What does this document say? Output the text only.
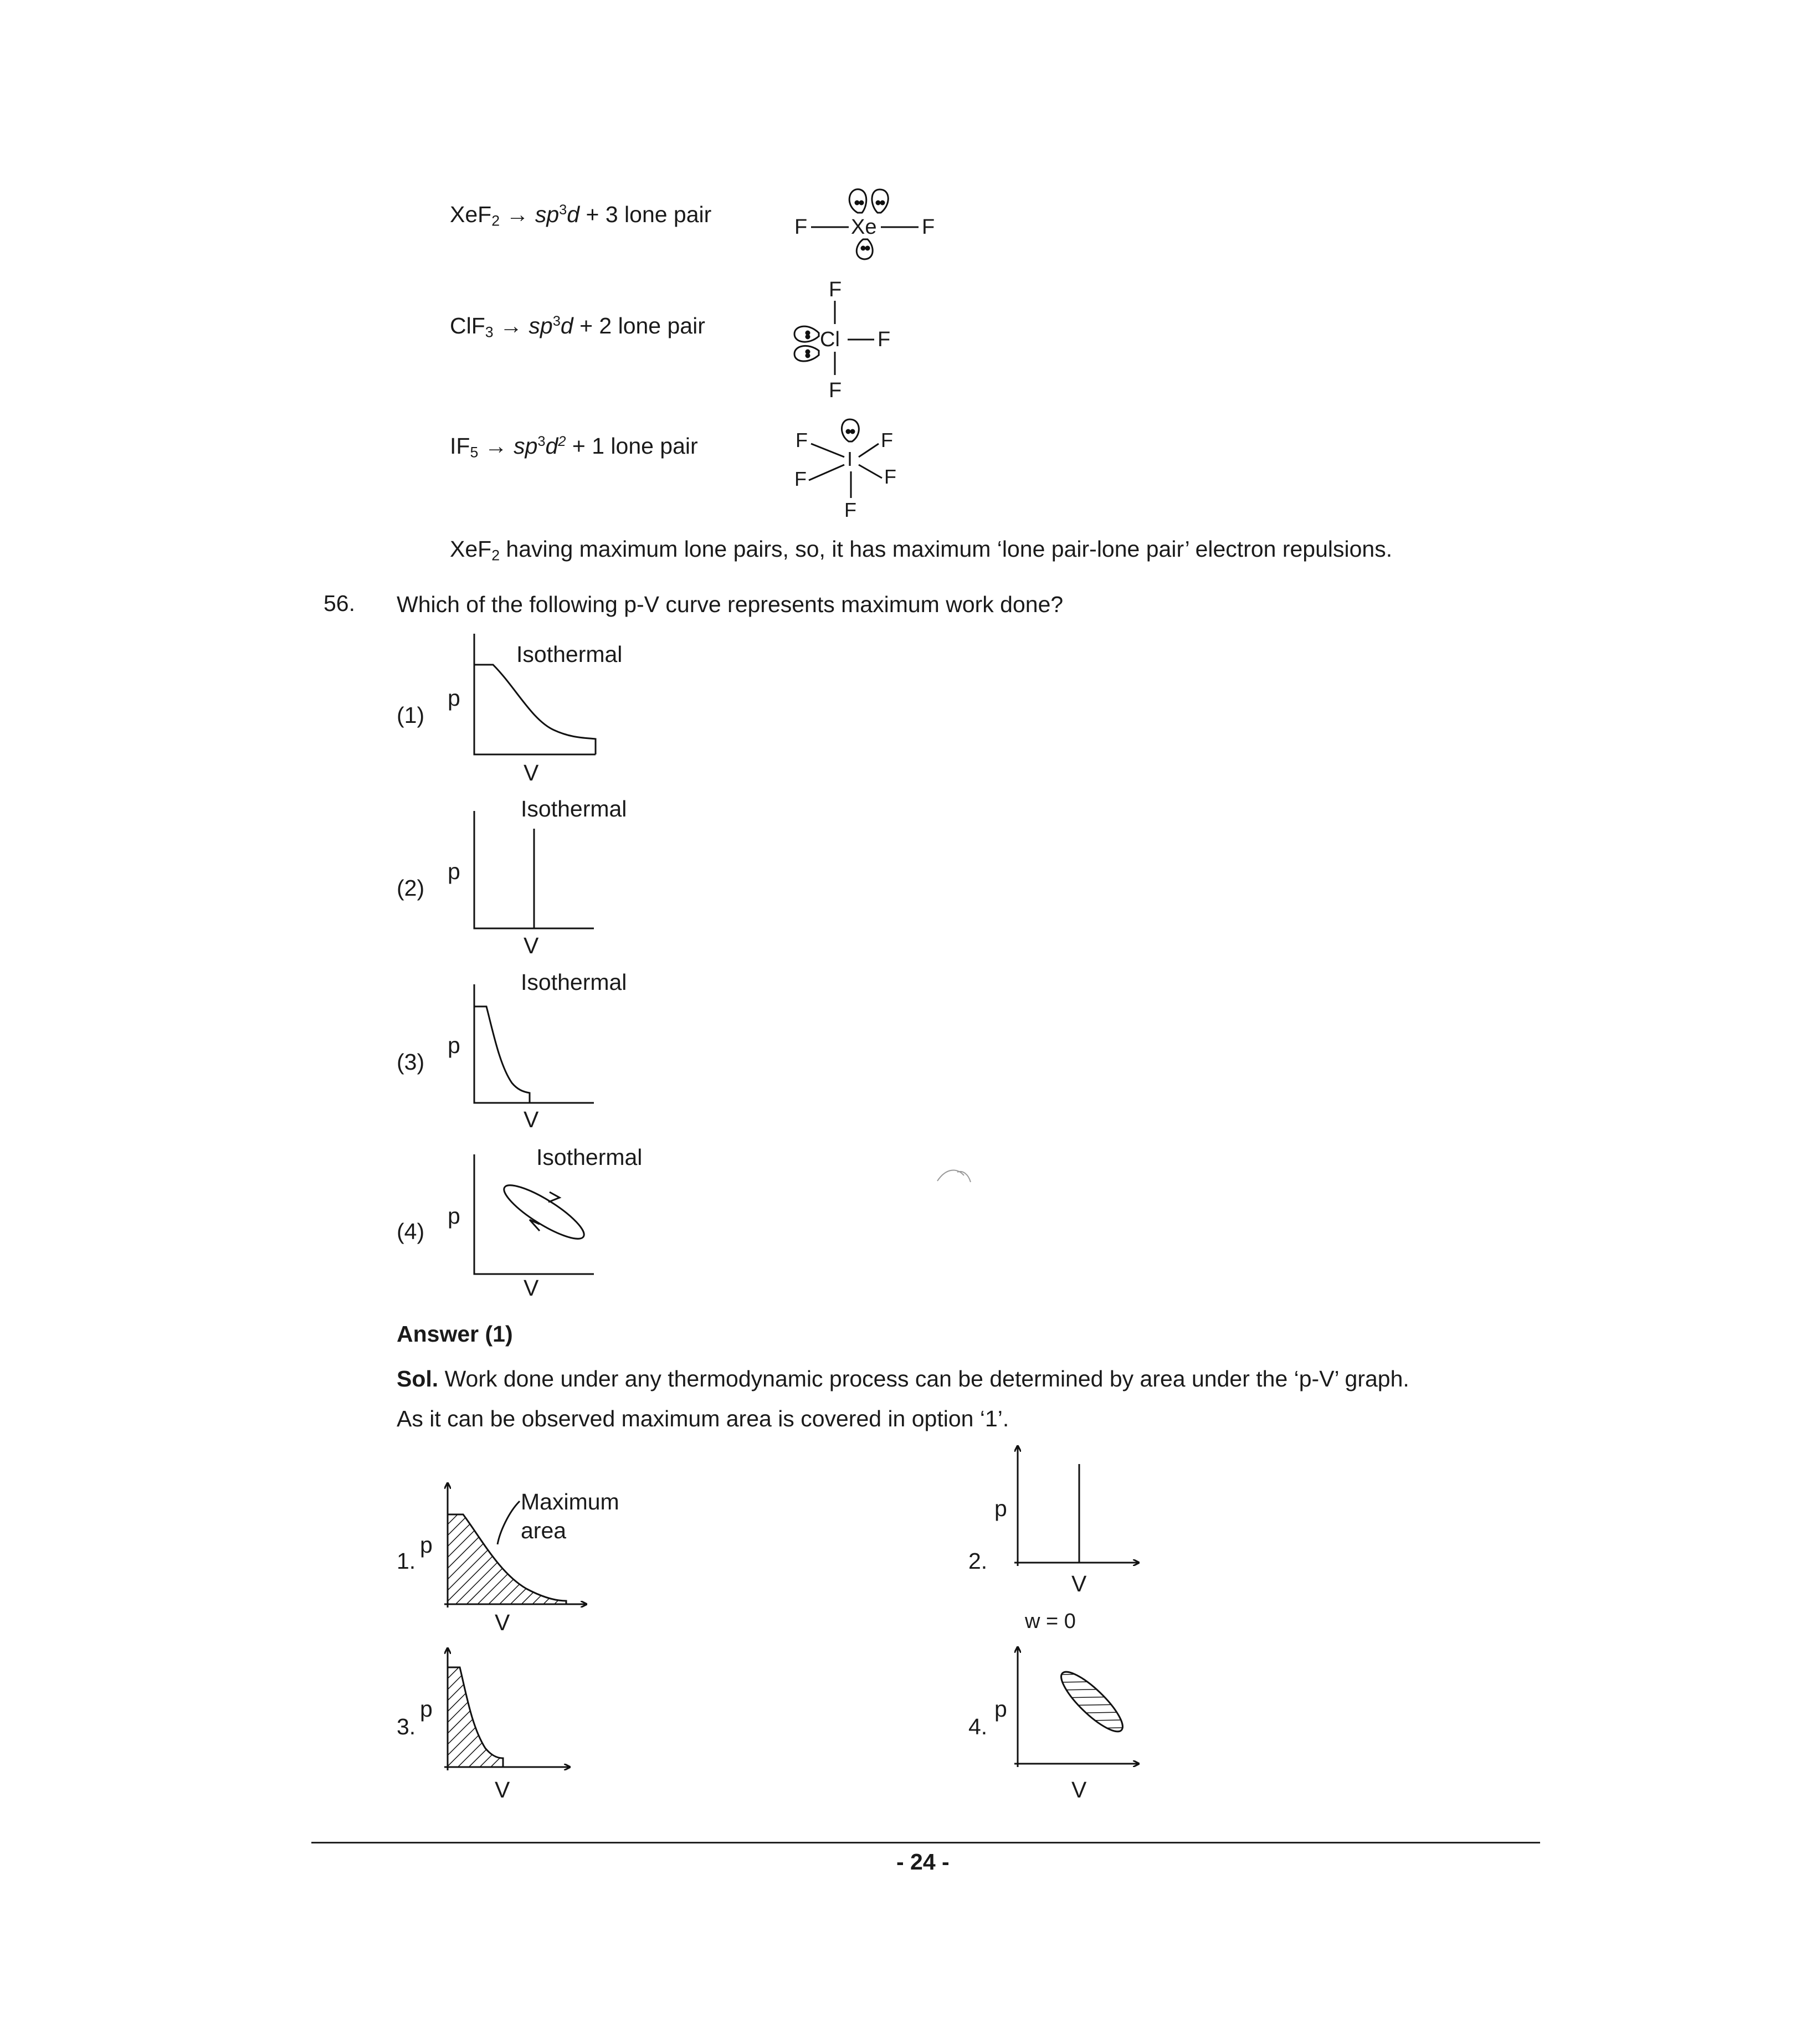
$XeF_2 \to sp^3d + 3$ lone pair
$ClF_3 \to sp^3d + 2$ lone pair
$IF_5 \to sp^3d^2 + 1$ lone pair
F Xe F
F
Cl F
F
F	F
I
F	F
F
XeF$_2$ having maximum lone pairs, so, it has maximum ‘lone pair-lone pair’ electron repulsions.
56. Which of the following p-V curve represents maximum work done?
(1)
p
Isothermal
V
(2)
p
Isothermal
V
(3)
p
Isothermal
V
(4)
p
Isothermal
V
Answer (1)
Sol. Work done under any thermodynamic process can be determined by area under the ‘p-V’ graph.
As it can be observed maximum area is covered in option ‘1’.
1.
p
V
Maximum
area
2.
p
V
w = 0
3.
p
V
4.
p
V
- 24 -
